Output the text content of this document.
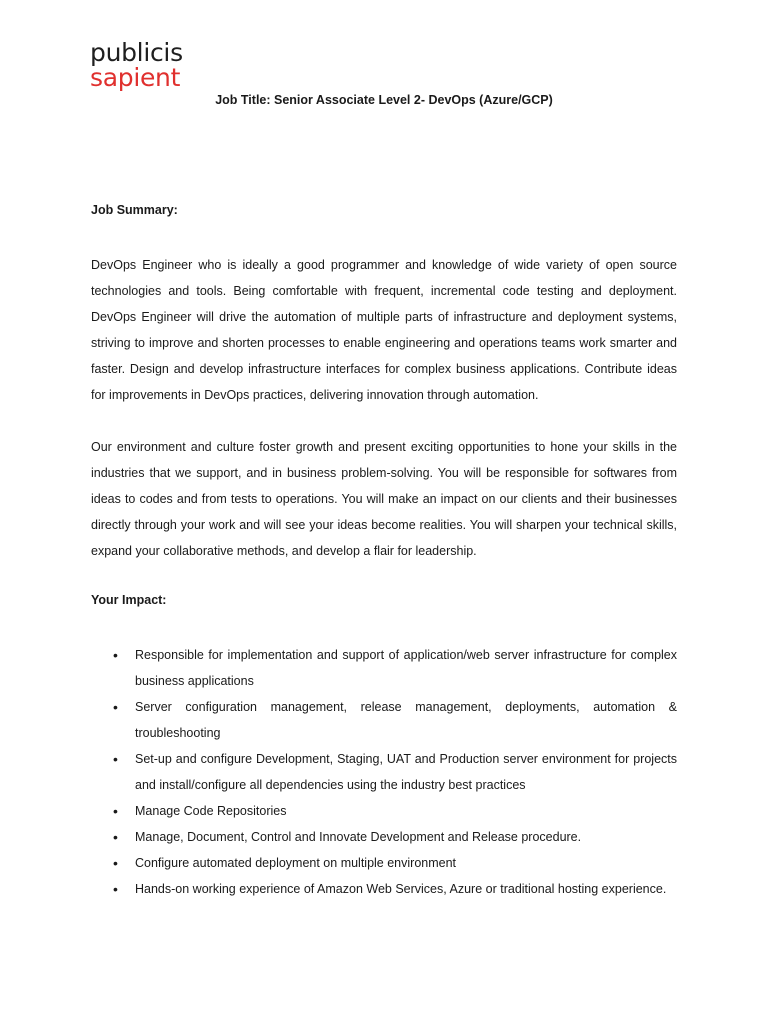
publicis
sapient
Job Title: Senior Associate Level 2- DevOps (Azure/GCP)
Job Summary:

DevOps Engineer who is ideally a good programmer and knowledge of wide variety of open source technologies and tools. Being comfortable with frequent, incremental code testing and deployment. DevOps Engineer will drive the automation of multiple parts of infrastructure and deployment systems, striving to improve and shorten processes to enable engineering and operations teams work smarter and faster. Design and develop infrastructure interfaces for complex business applications. Contribute ideas for improvements in DevOps practices, delivering innovation through automation.

Our environment and culture foster growth and present exciting opportunities to hone your skills in the industries that we support, and in business problem-solving. You will be responsible for softwares from ideas to codes and from tests to operations. You will make an impact on our clients and their businesses directly through your work and will see your ideas become realities. You will sharpen your technical skills, expand your collaborative methods, and develop a flair for leadership.

Your Impact:
• Responsible for implementation and support of application/web server infrastructure for complex business applications
• Server configuration management, release management, deployments, automation & troubleshooting
• Set-up and configure Development, Staging, UAT and Production server environment for projects and install/configure all dependencies using the industry best practices
• Manage Code Repositories
• Manage, Document, Control and Innovate Development and Release procedure.
• Configure automated deployment on multiple environment
• Hands-on working experience of Amazon Web Services, Azure or traditional hosting experience.
